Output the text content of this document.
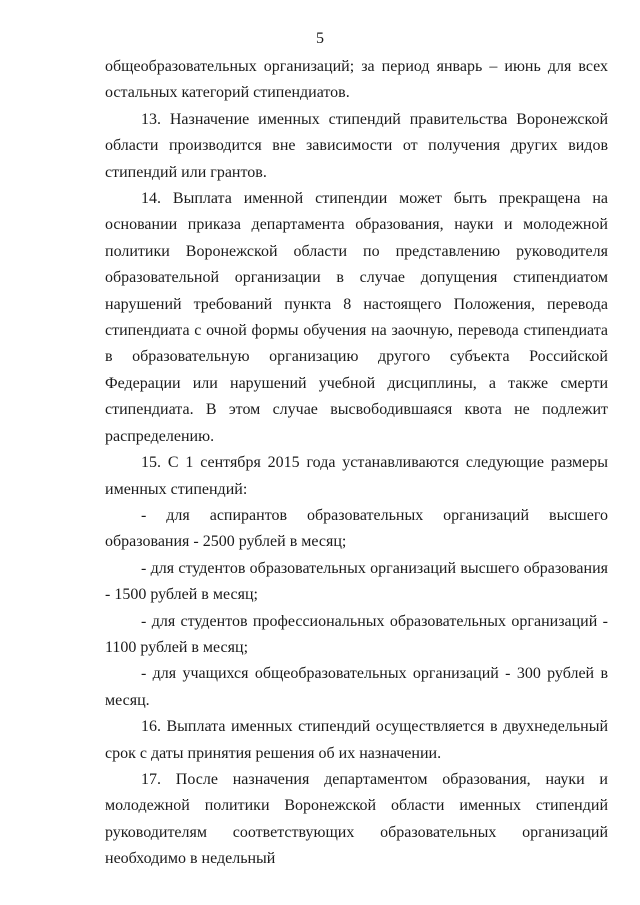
5

общеобразовательных организаций; за период январь – июнь для всех остальных категорий стипендиатов.

13. Назначение именных стипендий правительства Воронежской области производится вне зависимости от получения других видов стипендий или грантов.

14. Выплата именной стипендии может быть прекращена на основании приказа департамента образования, науки и молодежной политики Воронежской области по представлению руководителя образовательной организации в случае допущения стипендиатом нарушений требований пункта 8 настоящего Положения, перевода стипендиата с очной формы обучения на заочную, перевода стипендиата в образовательную организацию другого субъекта Российской Федерации или нарушений учебной дисциплины, а также смерти стипендиата. В этом случае высвободившаяся квота не подлежит распределению.

15. С 1 сентября 2015 года устанавливаются следующие размеры именных стипендий:

- для аспирантов образовательных организаций высшего образования - 2500 рублей в месяц;

- для студентов образовательных организаций высшего образования - 1500 рублей в месяц;

- для студентов профессиональных образовательных организаций - 1100 рублей в месяц;

- для учащихся общеобразовательных организаций - 300 рублей в месяц.

16. Выплата именных стипендий осуществляется в двухнедельный срок с даты принятия решения об их назначении.

17. После назначения департаментом образования, науки и молодежной политики Воронежской области именных стипендий руководителям соответствующих образовательных организаций необходимо в недельный
